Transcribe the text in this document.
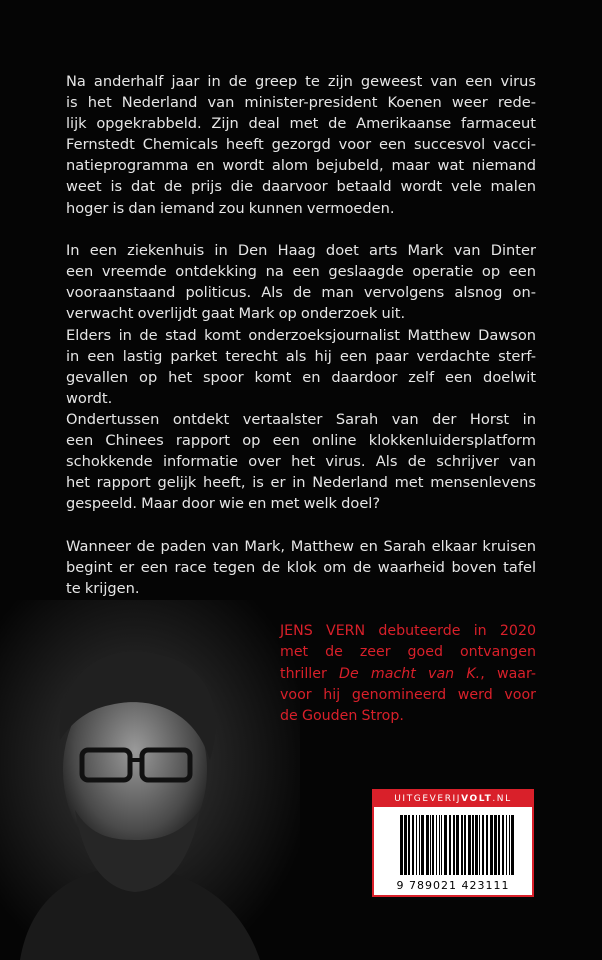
Na anderhalf jaar in de greep te zijn geweest van een virus
is het Nederland van minister-president Koenen weer rede-
lijk opgekrabbeld. Zijn deal met de Amerikaanse farmaceut
Fernstedt Chemicals heeft gezorgd voor een succesvol vacci-
natieprogramma en wordt alom bejubeld, maar wat niemand
weet is dat de prijs die daarvoor betaald wordt vele malen
hoger is dan iemand zou kunnen vermoeden.
In een ziekenhuis in Den Haag doet arts Mark van Dinter
een vreemde ontdekking na een geslaagde operatie op een
vooraanstaand politicus. Als de man vervolgens alsnog on-
verwacht overlijdt gaat Mark op onderzoek uit.
Elders in de stad komt onderzoeksjournalist Matthew Dawson
in een lastig parket terecht als hij een paar verdachte sterf-
gevallen op het spoor komt en daardoor zelf een doelwit
wordt.
Ondertussen ontdekt vertaalster Sarah van der Horst in
een Chinees rapport op een online klokkenluidersplatform
schokkende informatie over het virus. Als de schrijver van
het rapport gelijk heeft, is er in Nederland met mensenlevens
gespeeld. Maar door wie en met welk doel?
Wanneer de paden van Mark, Matthew en Sarah elkaar kruisen
begint er een race tegen de klok om de waarheid boven tafel
te krijgen.
JENS VERN debuteerde in 2020
met de zeer goed ontvangen
thriller De macht van K., waar-
voor hij genomineerd werd voor
de Gouden Strop.
UITGEVERIJVOLT.NL
9 789021 423111
